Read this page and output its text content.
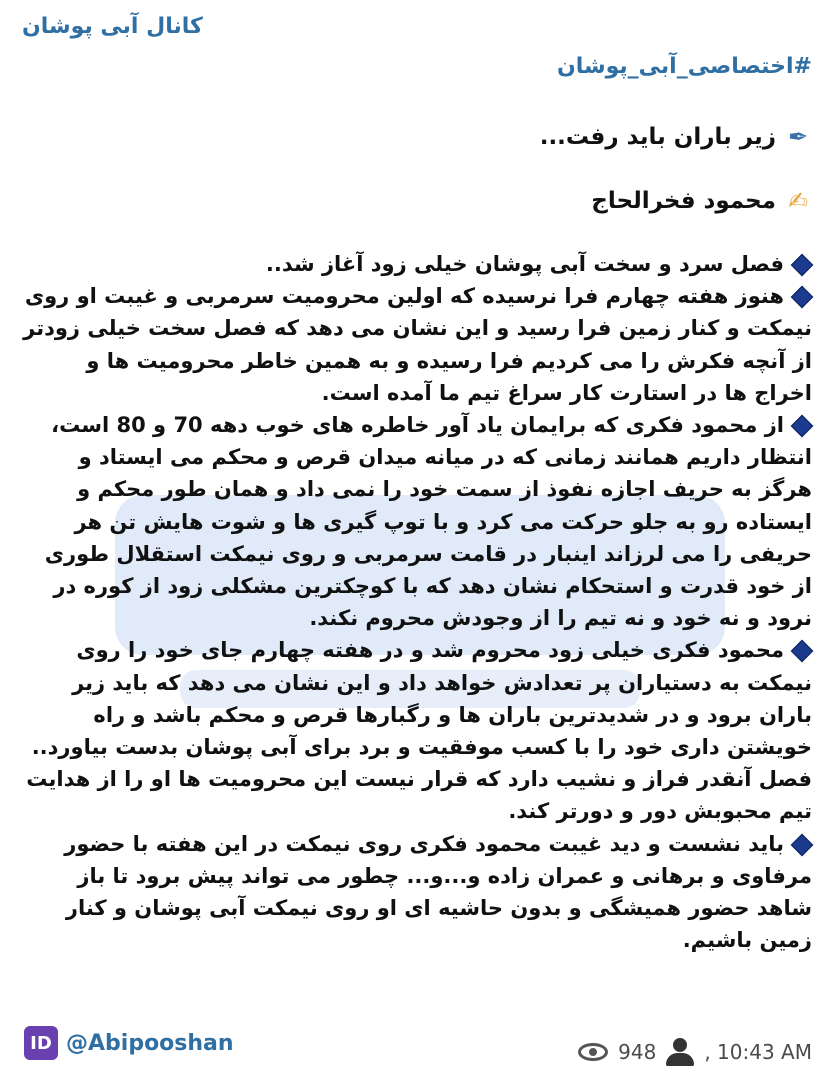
کانال آبی پوشان
#اختصاصی_آبی_پوشان
✒
زیر باران باید رفت...
✍
محمود فخرالحاج

فصل سرد و سخت آبی پوشان خیلی زود آغاز شد..

هنوز هفته چهارم فرا نرسیده که اولین محرومیت سرمربی و غیبت او روی نیمکت و کنار زمین فرا رسید و این نشان می دهد که فصل سخت خیلی زودتر از آنچه فکرش را می کردیم فرا رسیده و به همین خاطر محرومیت ها و اخراج ها در استارت کار سراغ تیم ما آمده است.

از محمود فکری که برایمان یاد آور خاطره های خوب دهه 70 و 80 است، انتظار داریم همانند زمانی که در میانه میدان قرص و محکم می ایستاد و هرگز به حریف اجازه نفوذ از سمت خود را نمی داد و همان طور محکم و ایستاده رو به جلو حرکت می کرد و با توپ گیری ها و شوت هایش تن هر حریفی را می لرزاند اینبار در قامت سرمربی و روی نیمکت استقلال طوری از خود قدرت و استحکام نشان دهد که با کوچکترین مشکلی زود از کوره در نرود و نه خود و نه تیم را از وجودش محروم نکند.

محمود فکری خیلی زود محروم شد و در هفته چهارم جای خود را روی نیمکت به دستیاران پر تعدادش خواهد داد و این نشان می دهد که باید زیر باران برود و در شدیدترین باران ها و رگبارها قرص و محکم باشد و راه خویشتن داری خود را با کسب موفقیت و برد برای آبی پوشان بدست بیاورد.. فصل آنقدر فراز و نشیب دارد که قرار نیست این محرومیت ها او را از هدایت تیم محبوبش دور و دورتر کند.

باید نشست و دید غیبت محمود فکری روی نیمکت در این هفته با حضور مرفاوی و برهانی و عمران زاده و...و... چطور می تواند پیش برود تا باز شاهد حضور همیشگی و بدون حاشیه ای او روی نیمکت آبی پوشان و کنار زمین باشیم.

ID @Abipooshan	948 , 10:43 AM
